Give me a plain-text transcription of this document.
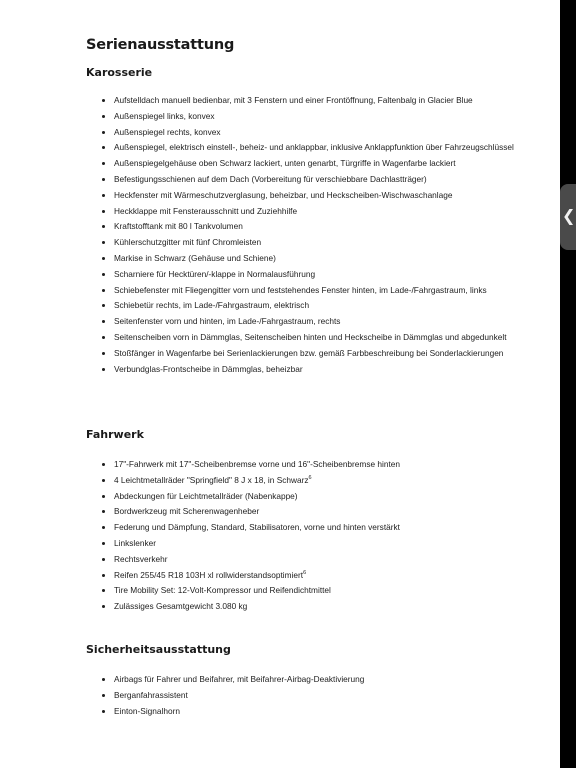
Serienausstattung
Karosserie
Aufstelldach manuell bedienbar, mit 3 Fenstern und einer Frontöffnung, Faltenbalg in Glacier Blue
Außenspiegel links, konvex
Außenspiegel rechts, konvex
Außenspiegel, elektrisch einstell-, beheiz- und anklappbar, inklusive Anklappfunktion über Fahrzeugschlüssel
Außenspiegelgehäuse oben Schwarz lackiert, unten genarbt, Türgriffe in Wagenfarbe lackiert
Befestigungsschienen auf dem Dach (Vorbereitung für verschiebbare Dachlastträger)
Heckfenster mit Wärmeschutzverglasung, beheizbar, und Heckscheiben-Wischwaschanlage
Heckklappe mit Fensterausschnitt und Zuziehhilfe
Kraftstofftank mit 80 l Tankvolumen
Kühlerschutzgitter mit fünf Chromleisten
Markise in Schwarz (Gehäuse und Schiene)
Scharniere für Hecktüren/-klappe in Normalausführung
Schiebefenster mit Fliegengitter vorn und feststehendes Fenster hinten, im Lade-/Fahrgastraum, links
Schiebetür rechts, im Lade-/Fahrgastraum, elektrisch
Seitenfenster vorn und hinten, im Lade-/Fahrgastraum, rechts
Seitenscheiben vorn in Dämmglas, Seitenscheiben hinten und Heckscheibe in Dämmglas und abgedunkelt
Stoßfänger in Wagenfarbe bei Serienlackierungen bzw. gemäß Farbbeschreibung bei Sonderlackierungen
Verbundglas-Frontscheibe in Dämmglas, beheizbar
Fahrwerk
17"-Fahrwerk mit 17"-Scheibenbremse vorne und 16"-Scheibenbremse hinten
4 Leichtmetallräder "Springfield" 8 J x 18, in Schwarz$^6$
Abdeckungen für Leichtmetallräder (Nabenkappe)
Bordwerkzeug mit Scherenwagenheber
Federung und Dämpfung, Standard, Stabilisatoren, vorne und hinten verstärkt
Linkslenker
Rechtsverkehr
Reifen 255/45 R18 103H xl rollwiderstandsoptimiert$^6$
Tire Mobility Set: 12-Volt-Kompressor und Reifendichtmittel
Zulässiges Gesamtgewicht 3.080 kg
Sicherheitsausstattung
Airbags für Fahrer und Beifahrer, mit Beifahrer-Airbag-Deaktivierung
Berganfahrassistent
Einton-Signalhorn
❮
